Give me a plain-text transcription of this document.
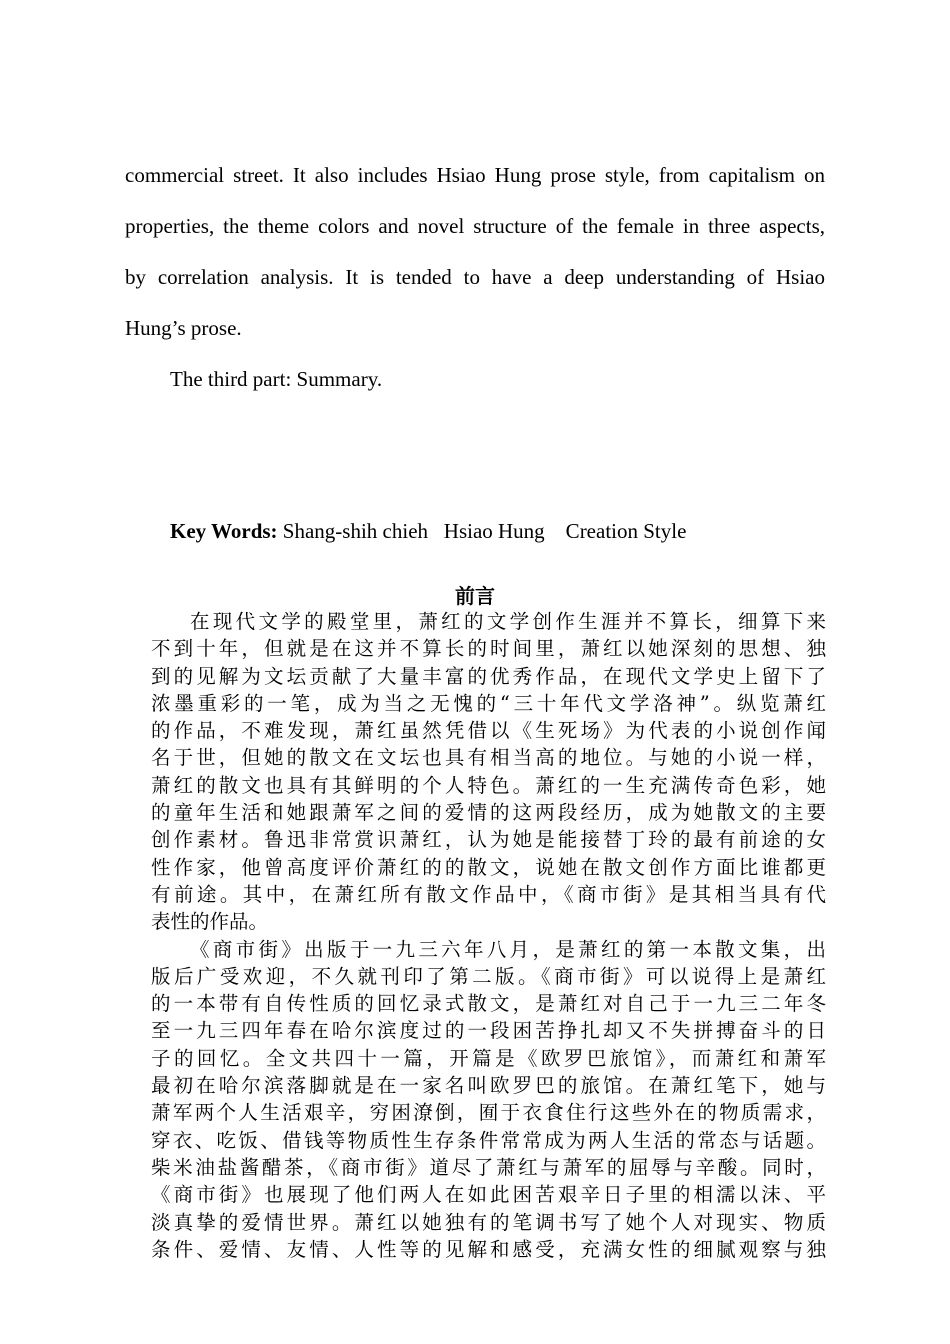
commercial street. It also includes Hsiao Hung prose style, from capitalism on

properties, the theme colors and novel structure of the female in three aspects,

by correlation analysis. It is tended to have a deep understanding of Hsiao

Hung’s prose.

The third part: Summary.

Key Words: Shang-shih chieh   Hsiao Hung    Creation Style
前言

在现代文学的殿堂里，萧红的文学创作生涯并不算长，细算下来
不到十年，但就是在这并不算长的时间里，萧红以她深刻的思想、独
到的见解为文坛贡献了大量丰富的优秀作品，在现代文学史上留下了
浓墨重彩的一笔，成为当之无愧的“三十年代文学洛神”。纵览萧红
的作品，不难发现，萧红虽然凭借以《生死场》为代表的小说创作闻
名于世，但她的散文在文坛也具有相当高的地位。与她的小说一样，
萧红的散文也具有其鲜明的个人特色。萧红的一生充满传奇色彩，她
的童年生活和她跟萧军之间的爱情的这两段经历，成为她散文的主要
创作素材。鲁迅非常赏识萧红，认为她是能接替丁玲的最有前途的女
性作家，他曾高度评价萧红的的散文，说她在散文创作方面比谁都更
有前途。其中，在萧红所有散文作品中，《商市街》是其相当具有代
表性的作品。

《商市街》出版于一九三六年八月，是萧红的第一本散文集，出
版后广受欢迎，不久就刊印了第二版。《商市街》可以说得上是萧红
的一本带有自传性质的回忆录式散文，是萧红对自己于一九三二年冬
至一九三四年春在哈尔滨度过的一段困苦挣扎却又不失拼搏奋斗的日
子的回忆。全文共四十一篇，开篇是《欧罗巴旅馆》，而萧红和萧军
最初在哈尔滨落脚就是在一家名叫欧罗巴的旅馆。在萧红笔下，她与
萧军两个人生活艰辛，穷困潦倒，囿于衣食住行这些外在的物质需求，
穿衣、吃饭、借钱等物质性生存条件常常成为两人生活的常态与话题。
柴米油盐酱醋茶，《商市街》道尽了萧红与萧军的屈辱与辛酸。同时，
《商市街》也展现了他们两人在如此困苦艰辛日子里的相濡以沫、平
淡真挚的爱情世界。萧红以她独有的笔调书写了她个人对现实、物质
条件、爱情、友情、人性等的见解和感受，充满女性的细腻观察与独
